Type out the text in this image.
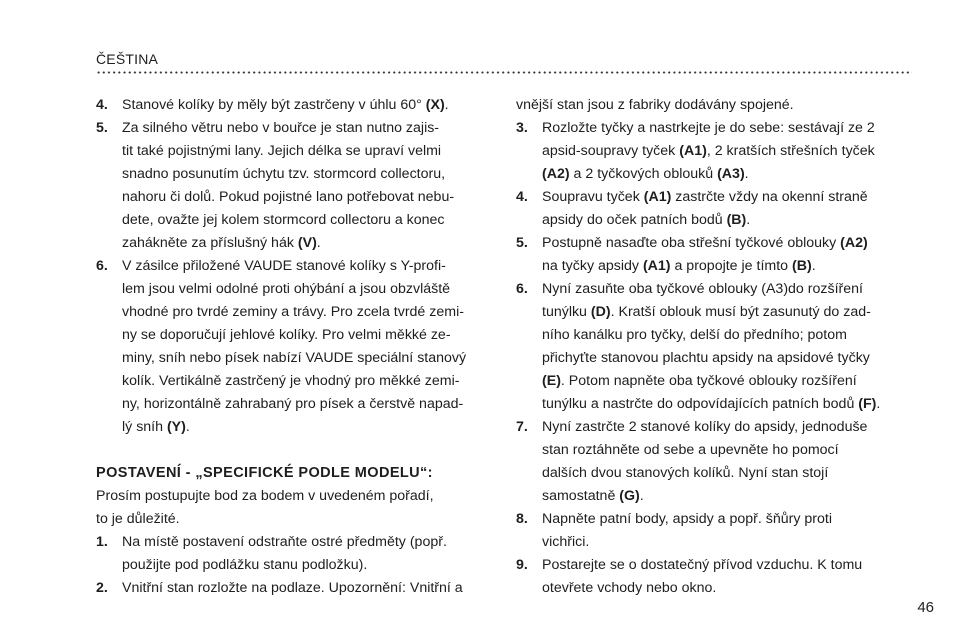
ČEŠTINA
4. Stanové kolíky by měly být zastrčeny v úhlu 60° (X).
5. Za silného větru nebo v bouřce je stan nutno zajis-
tit také pojistnými lany. Jejich délka se upraví velmi
snadno posunutím úchytu tzv. stormcord collectoru,
nahoru či dolů. Pokud pojistné lano potřebovat nebu-
dete, ovažte jej kolem stormcord collectoru a konec
zahákněte za příslušný hák (V).
6. V zásilce přiložené VAUDE stanové kolíky s Y-profi-
lem jsou velmi odolné proti ohýbání a jsou obzvláště
vhodné pro tvrdé zeminy a trávy. Pro zcela tvrdé zemi-
ny se doporučují jehlové kolíky. Pro velmi měkké ze-
miny, sníh nebo písek nabízí VAUDE speciální stanový
kolík. Vertikálně zastrčený je vhodný pro měkké zemi-
ny, horizontálně zahrabaný pro písek a čerstvě napad-
lý sníh (Y).
POSTAVENÍ - „SPECIFICKÉ PODLE MODELU“:
Prosím postupujte bod za bodem v uvedeném pořadí,
to je důležité.
1. Na místě postavení odstraňte ostré předměty (popř.
použijte pod podlážku stanu podložku).
2. Vnitřní stan rozložte na podlaze. Upozornění: Vnitřní a
vnější stan jsou z fabriky dodávány spojené.
3. Rozložte tyčky a nastrkejte je do sebe: sestávají ze 2
apsid-soupravy tyček (A1), 2 kratších střešních tyček
(A2) a 2 tyčkových oblouků (A3).
4. Soupravu tyček (A1) zastrčte vždy na okenní straně
apsidy do oček patních bodů (B).
5. Postupně nasaďte oba střešní tyčkové oblouky (A2)
na tyčky apsidy (A1) a propojte je tímto (B).
6. Nyní zasuňte oba tyčkové oblouky (A3)do rozšíření
tunýlku (D). Kratší oblouk musí být zasunutý do zad-
ního kanálku pro tyčky, delší do předního; potom
přichyťte stanovou plachtu apsidy na apsidové tyčky
(E). Potom napněte oba tyčkové oblouky rozšíření
tunýlku a nastrčte do odpovídajících patních bodů (F).
7. Nyní zastrčte 2 stanové kolíky do apsidy, jednoduše
stan roztáhněte od sebe a upevněte ho pomocí
dalších dvou stanových kolíků. Nyní stan stojí
samostatně (G).
8. Napněte patní body, apsidy a popř. šňůry proti
vichřici.
9. Postarejte se o dostatečný přívod vzduchu. K tomu
otevřete vchody nebo okno.
46
